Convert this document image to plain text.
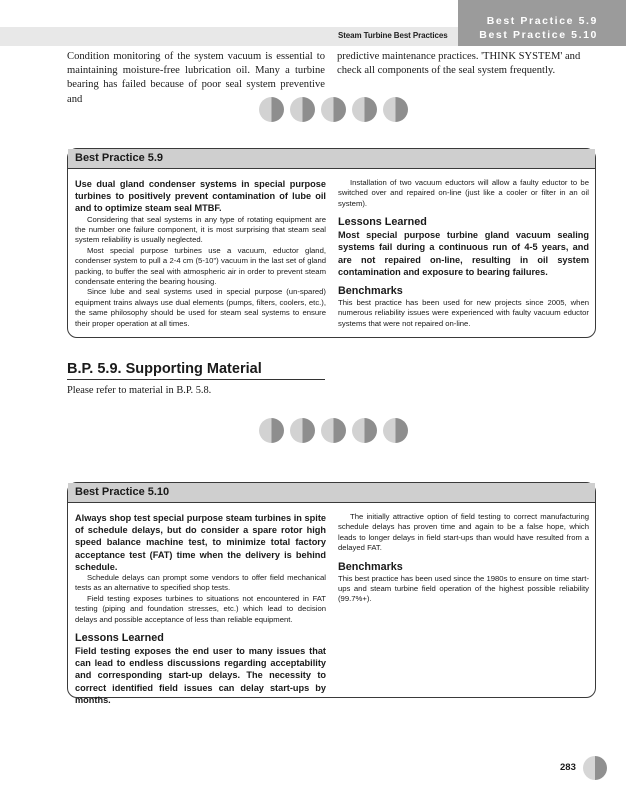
Steam Turbine Best Practices
Best Practice 5.9
Best Practice 5.10
Condition monitoring of the system vacuum is essential to maintaining moisture-free lubrication oil. Many a turbine bearing has failed because of poor seal system preventive and
predictive maintenance practices. 'THINK SYSTEM' and check all components of the seal system frequently.
Best Practice 5.9

Use dual gland condenser systems in special purpose turbines to positively prevent contamination of lube oil and to optimize steam seal MTBF.

Considering that seal systems in any type of rotating equipment are the number one failure component, it is most surprising that steam seal system reliability is usually neglected.

Most special purpose turbines use a vacuum, eductor gland, condenser system to pull a 2-4 cm (5-10") vacuum in the last set of gland packing, to buffer the seal with atmospheric air in order to prevent steam condensate entering the bearing housing.

Since lube and seal systems used in special purpose (un-spared) equipment trains always use dual elements (pumps, filters, coolers, etc.), the same philosophy should be used for steam seal systems to ensure their proper operation at all times.

Installation of two vacuum eductors will allow a faulty eductor to be switched over and repaired on-line (just like a cooler or filter in an oil system).

Lessons Learned

Most special purpose turbine gland vacuum sealing systems fail during a continuous run of 4-5 years, and are not repaired on-line, resulting in oil system contamination and exposure to bearing failures.

Benchmarks

This best practice has been used for new projects since 2005, when numerous reliability issues were experienced with faulty vacuum eductor systems that were not repaired on-line.

B.P. 5.9. Supporting Material
Please refer to material in B.P. 5.8.
Best Practice 5.10

Always shop test special purpose steam turbines in spite of schedule delays, but do consider a spare rotor high speed balance machine test, to minimize total factory acceptance test (FAT) time when the delivery is behind schedule.

Schedule delays can prompt some vendors to offer field mechanical tests as an alternative to specified shop tests.

Field testing exposes turbines to situations not encountered in FAT testing (piping and foundation stresses, etc.) which lead to decision delays and possible acceptance of less than reliable equipment.

Lessons Learned

Field testing exposes the end user to many issues that can lead to endless discussions regarding acceptability and corresponding start-up delays. The necessity to correct identified field issues can delay start-ups by months.

The initially attractive option of field testing to correct manufacturing schedule delays has proven time and again to be a false hope, which leads to longer delays in field start-ups than would have resulted from a delayed FAT.

Benchmarks

This best practice has been used since the 1980s to ensure on time start-ups and steam turbine field operation of the highest possible reliability (99.7%+).

283
